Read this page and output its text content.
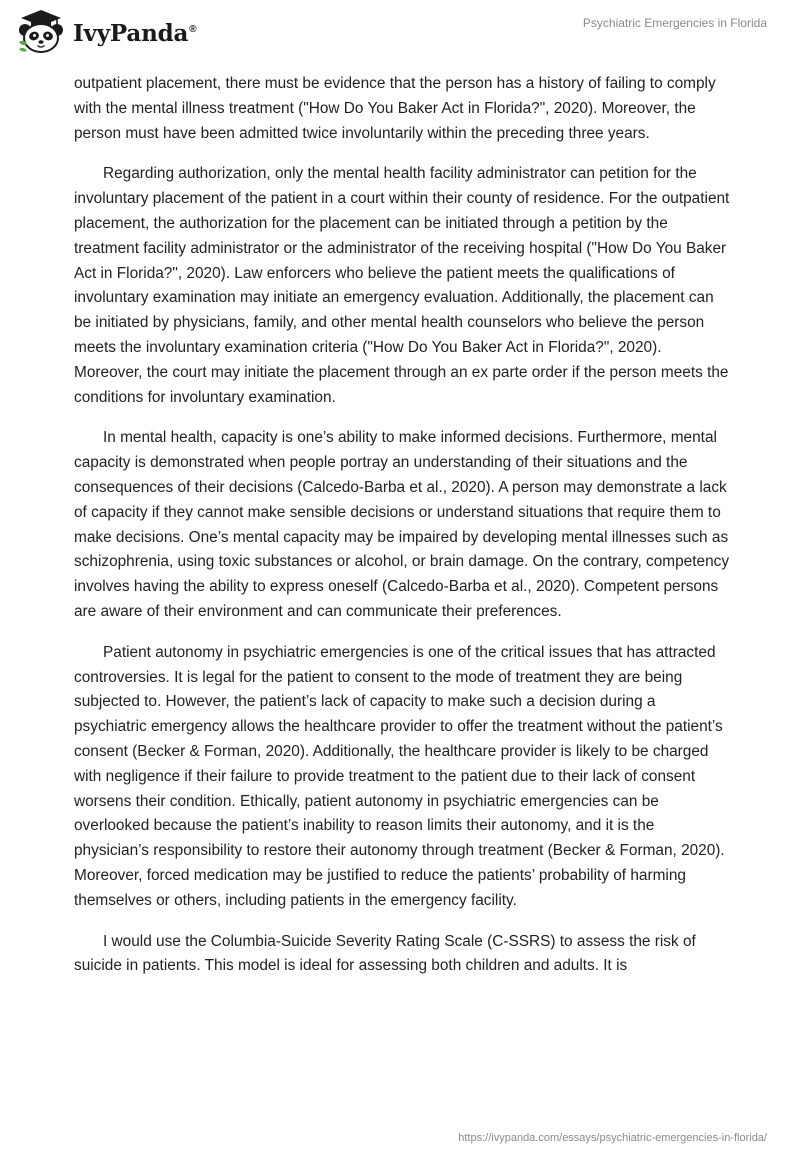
IvyPanda®	Psychiatric Emergencies in Florida

outpatient placement, there must be evidence that the person has a history of failing to comply with the mental illness treatment ("How Do You Baker Act in Florida?", 2020). Moreover, the person must have been admitted twice involuntarily within the preceding three years.

Regarding authorization, only the mental health facility administrator can petition for the involuntary placement of the patient in a court within their county of residence. For the outpatient placement, the authorization for the placement can be initiated through a petition by the treatment facility administrator or the administrator of the receiving hospital ("How Do You Baker Act in Florida?", 2020). Law enforcers who believe the patient meets the qualifications of involuntary examination may initiate an emergency evaluation. Additionally, the placement can be initiated by physicians, family, and other mental health counselors who believe the person meets the involuntary examination criteria ("How Do You Baker Act in Florida?", 2020). Moreover, the court may initiate the placement through an ex parte order if the person meets the conditions for involuntary examination.

In mental health, capacity is one’s ability to make informed decisions. Furthermore, mental capacity is demonstrated when people portray an understanding of their situations and the consequences of their decisions (Calcedo-Barba et al., 2020). A person may demonstrate a lack of capacity if they cannot make sensible decisions or understand situations that require them to make decisions. One’s mental capacity may be impaired by developing mental illnesses such as schizophrenia, using toxic substances or alcohol, or brain damage. On the contrary, competency involves having the ability to express oneself (Calcedo-Barba et al., 2020). Competent persons are aware of their environment and can communicate their preferences.

Patient autonomy in psychiatric emergencies is one of the critical issues that has attracted controversies. It is legal for the patient to consent to the mode of treatment they are being subjected to. However, the patient’s lack of capacity to make such a decision during a psychiatric emergency allows the healthcare provider to offer the treatment without the patient’s consent (Becker & Forman, 2020). Additionally, the healthcare provider is likely to be charged with negligence if their failure to provide treatment to the patient due to their lack of consent worsens their condition. Ethically, patient autonomy in psychiatric emergencies can be overlooked because the patient’s inability to reason limits their autonomy, and it is the physician’s responsibility to restore their autonomy through treatment (Becker & Forman, 2020). Moreover, forced medication may be justified to reduce the patients’ probability of harming themselves or others, including patients in the emergency facility.

I would use the Columbia-Suicide Severity Rating Scale (C-SSRS) to assess the risk of suicide in patients. This model is ideal for assessing both children and adults. It is

https://ivypanda.com/essays/psychiatric-emergencies-in-florida/
